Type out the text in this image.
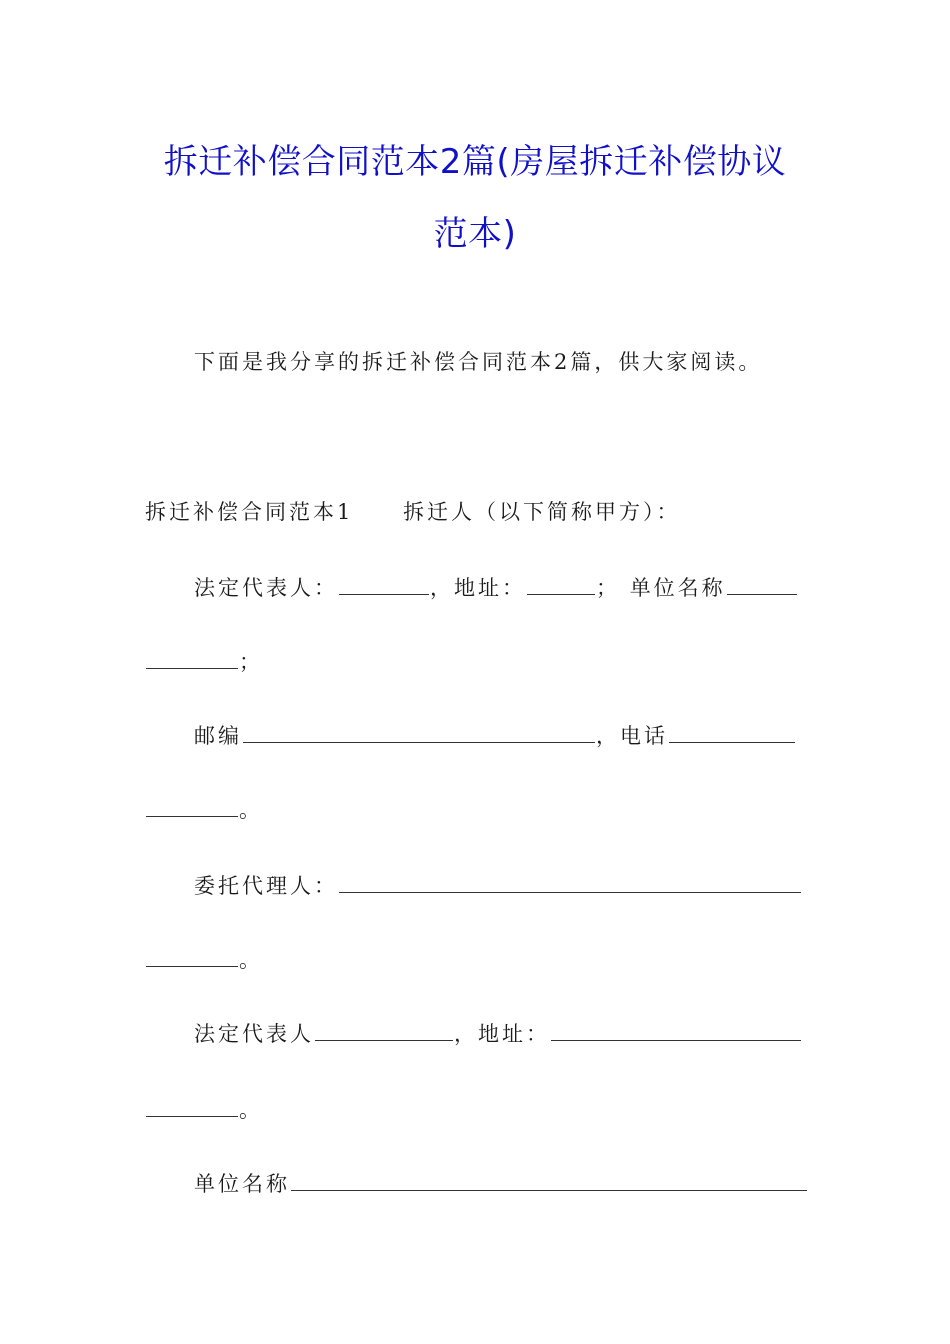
拆迁补偿合同范本2篇(房屋拆迁补偿协议
范本)
下面是我分享的拆迁补偿合同范本2篇，供大家阅读。
拆迁补偿合同范本1 拆迁人（以下简称甲方）：
法定代表人：	，地址：	； 单位名称
；
邮编	，电话
。
委托代理人：
。
法定代表人	，地址：
。
单位名称
